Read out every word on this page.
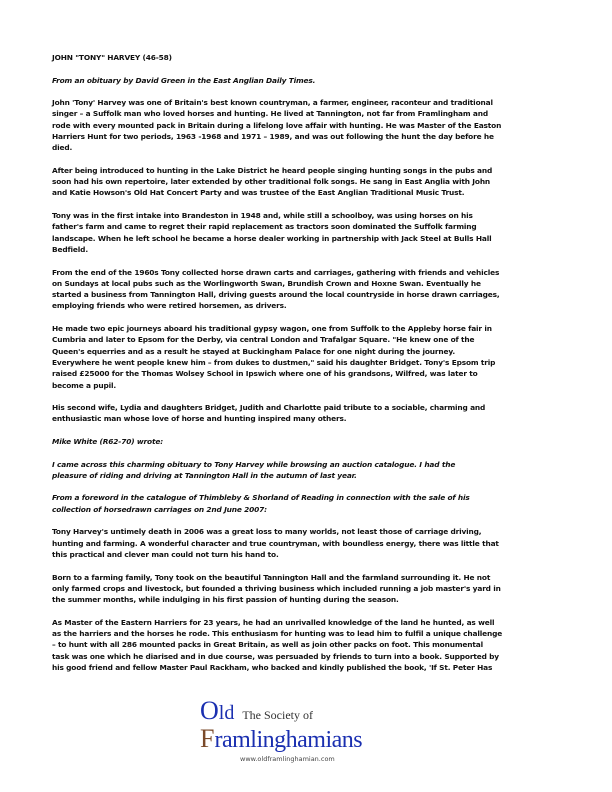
JOHN "TONY" HARVEY (46-58)
From an obituary by David Green in the East Anglian Daily Times.
John 'Tony' Harvey was one of Britain's best known countryman, a farmer, engineer, raconteur and traditional
singer – a Suffolk man who loved horses and hunting. He lived at Tannington, not far from Framlingham and
rode with every mounted pack in Britain during a lifelong love affair with hunting. He was Master of the Easton
Harriers Hunt for two periods, 1963 -1968 and 1971 – 1989, and was out following the hunt the day before he
died.
After being introduced to hunting in the Lake District he heard people singing hunting songs in the pubs and
soon had his own repertoire, later extended by other traditional folk songs. He sang in East Anglia with John
and Katie Howson's Old Hat Concert Party and was trustee of the East Anglian Traditional Music Trust.
Tony was in the first intake into Brandeston in 1948 and, while still a schoolboy, was using horses on his
father's farm and came to regret their rapid replacement as tractors soon dominated the Suffolk farming
landscape. When he left school he became a horse dealer working in partnership with Jack Steel at Bulls Hall
Bedfield.
From the end of the 1960s Tony collected horse drawn carts and carriages, gathering with friends and vehicles
on Sundays at local pubs such as the Worlingworth Swan, Brundish Crown and Hoxne Swan. Eventually he
started a business from Tannington Hall, driving guests around the local countryside in horse drawn carriages,
employing friends who were retired horsemen, as drivers.
He made two epic journeys aboard his traditional gypsy wagon, one from Suffolk to the Appleby horse fair in
Cumbria and later to Epsom for the Derby, via central London and Trafalgar Square. "He knew one of the
Queen's equerries and as a result he stayed at Buckingham Palace for one night during the journey.
Everywhere he went people knew him – from dukes to dustmen," said his daughter Bridget. Tony's Epsom trip
raised £25000 for the Thomas Wolsey School in Ipswich where one of his grandsons, Wilfred, was later to
become a pupil.
His second wife, Lydia and daughters Bridget, Judith and Charlotte paid tribute to a sociable, charming and
enthusiastic man whose love of horse and hunting inspired many others.
Mike White (R62-70) wrote:
I came across this charming obituary to Tony Harvey while browsing an auction catalogue. I had the
pleasure of riding and driving at Tannington Hall in the autumn of last year.
From a foreword in the catalogue of Thimbleby & Shorland of Reading in connection with the sale of his
collection of horsedrawn carriages on 2nd June 2007:
Tony Harvey's untimely death in 2006 was a great loss to many worlds, not least those of carriage driving,
hunting and farming. A wonderful character and true countryman, with boundless energy, there was little that
this practical and clever man could not turn his hand to.
Born to a farming family, Tony took on the beautiful Tannington Hall and the farmland surrounding it. He not
only farmed crops and livestock, but founded a thriving business which included running a job master's yard in
the summer months, while indulging in his first passion of hunting during the season.
As Master of the Eastern Harriers for 23 years, he had an unrivalled knowledge of the land he hunted, as well
as the harriers and the horses he rode. This enthusiasm for hunting was to lead him to fulfil a unique challenge
– to hunt with all 286 mounted packs in Great Britain, as well as join other packs on foot. This monumental
task was one which he diarised and in due course, was persuaded by friends to turn into a book. Supported by
his good friend and fellow Master Paul Rackham, who backed and kindly published the book, 'If St. Peter Has
O ld The Society of
F ramlinghamians
www.oldframlinghamian.com
